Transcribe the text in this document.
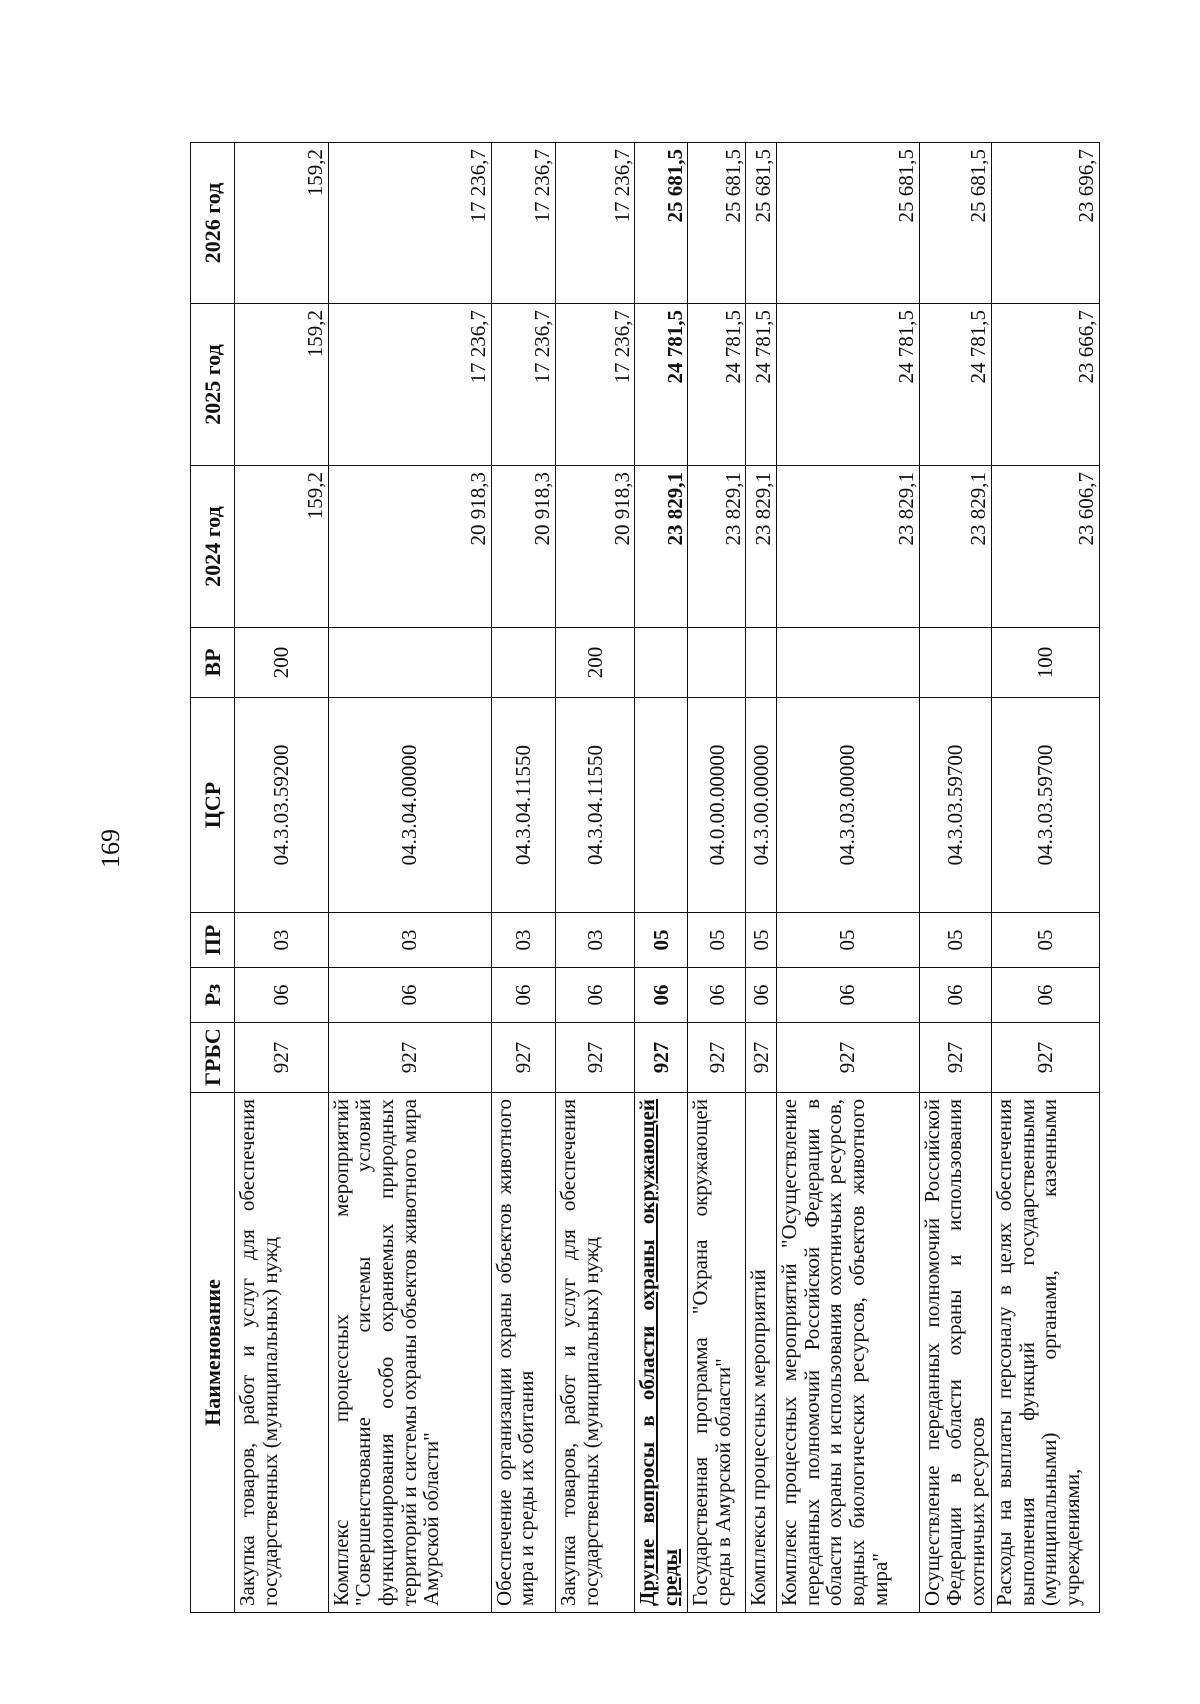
169
Наименование	ГРБС	Рз	ПР	ЦСР	ВР	2024 год	2025 год	2026 год
Закупка товаров, работ и услуг для обеспечения государственных (муниципальных) нужд	927	06	03	04.3.03.59200	200	159,2	159,2	159,2
Комплекс процессных мероприятий "Совершенствование системы условий функционирования особо охраняемых природных территорий и системы охраны объектов животного мира Амурской области"	927	06	03	04.3.04.00000		20 918,3	17 236,7	17 236,7
Обеспечение организации охраны объектов животного мира и среды их обитания	927	06	03	04.3.04.11550		20 918,3	17 236,7	17 236,7
Закупка товаров, работ и услуг для обеспечения государственных (муниципальных) нужд	927	06	03	04.3.04.11550	200	20 918,3	17 236,7	17 236,7
Другие вопросы в области охраны окружающей среды	927	06	05			23 829,1	24 781,5	25 681,5
Государственная программа "Охрана окружающей среды в Амурской области"	927	06	05	04.0.00.00000		23 829,1	24 781,5	25 681,5
Комплексы процессных мероприятий	927	06	05	04.3.00.00000		23 829,1	24 781,5	25 681,5
Комплекс процессных мероприятий "Осуществление переданных полномочий Российской Федерации в области охраны и использования охотничьих ресурсов, водных биологических ресурсов, объектов животного мира"	927	06	05	04.3.03.00000		23 829,1	24 781,5	25 681,5
Осуществление переданных полномочий Российской Федерации в области охраны и использования охотничьих ресурсов	927	06	05	04.3.03.59700		23 829,1	24 781,5	25 681,5
Расходы на выплаты персоналу в целях обеспечения выполнения функций государственными (муниципальными) органами, казенными учреждениями,	927	06	05	04.3.03.59700	100	23 606,7	23 666,7	23 696,7
